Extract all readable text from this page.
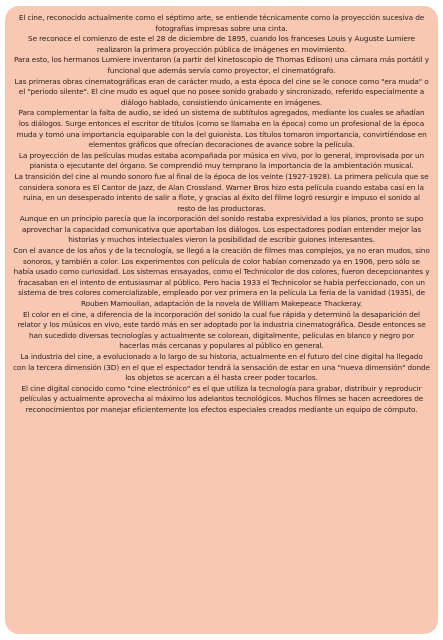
El cine, reconocido actualmente como el séptimo arte, se entiende técnicamente como la proyección sucesiva de fotografías impresas sobre una cinta.

Se reconoce el comienzo de este el 28 de diciembre de 1895, cuando los franceses Louis y Auguste Lumiere realizaron la primera proyección pública de imágenes en movimiento.

Para esto, los hermanos Lumiere inventaron (a partir del kinetoscopio de Thomas Edison) una cámara más portátil y funcional que además servía como proyector, el cinematógrafo.

Las primeras obras cinematográficas eran de carácter mudo, a esta época del cine se le conoce como "era muda" o el "periodo silente". El cine mudo es aquel que no posee sonido grabado y sincronizado, referido especialmente a diálogo hablado, consistiendo únicamente en imágenes.

Para complementar la falta de audio, se ideó un sistema de subtítulos agregados, mediante los cuales se añadían los diálogos. Surge entonces el escritor de títulos (como se llamaba en la época) como un profesional de la época muda y tomó una importancia equiparable con la del guionista. Los títulos tomaron importancia, convirtiéndose en elementos gráficos que ofrecían decoraciones de avance sobre la película.

La proyección de las películas mudas estaba acompañada por música en vivo, por lo general, improvisada por un pianista o ejecutante del órgano. Se comprendió muy temprano la importancia de la ambientación musical.

La transición del cine al mundo sonoro fue al final de la época de los veinte (1927-1928). La primera película que se considera sonora es El Cantor de Jazz, de Alan Crossland. Warner Bros hizo esta película cuando estaba casi en la ruina, en un desesperado intento de salir a flote, y gracias al éxito del filme logró resurgir e impuso el sonido al resto de las productoras.

Aunque en un principio parecía que la incorporación del sonido restaba expresividad a los planos, pronto se supo aprovechar la capacidad comunicativa que aportaban los diálogos. Los espectadores podían entender mejor las historias y muchos intelectuales vieron la posibilidad de escribir guiones interesantes.

Con el avance de los años y de la tecnología, se llegó a la creación de filmes mas complejos, ya no eran mudos, sino sonoros, y también a color. Los experimentos con película de color habían comenzado ya en 1906, pero sólo se había usado como curiosidad. Los sistemas ensayados, como el Technicolor de dos colores, fueron decepcionantes y fracasaban en el intento de entusiasmar al público. Pero hacia 1933 el Technicolor se había perfeccionado, con un sistema de tres colores comercializable, empleado por vez primera en la película La feria de la vanidad (1935), de Rouben Mamoulian, adaptación de la novela de William Makepeace Thackeray.

El color en el cine, a diferencia de la incorporación del sonido la cual fue rápida y determinó la desaparición del relator y los músicos en vivo, este tardó más en ser adoptado por la industria cinematográfica. Desde entonces se han sucedido diversas tecnologías y actualmente se colorean, digitalmente, películas en blanco y negro por hacerlas más cercanas y populares al público en general.

La industria del cine, a evolucionado a lo largo de su historia, actualmente en el futuro del cine digital ha llegado con la tercera dimensión (3D) en el que el espectador tendrá la sensación de estar en una "nueva dimensión" donde los objetos se acercan a él hasta creer poder tocarlos.

El cine digital conocido como "cine electrónico" es el que utiliza la tecnología para grabar, distribuir y reproducir películas y actualmente aprovecha al máximo los adelantos tecnológicos. Muchos filmes se hacen acreedores de reconocimientos por manejar eficientemente los efectos especiales creados mediante un equipo de cómputo.
